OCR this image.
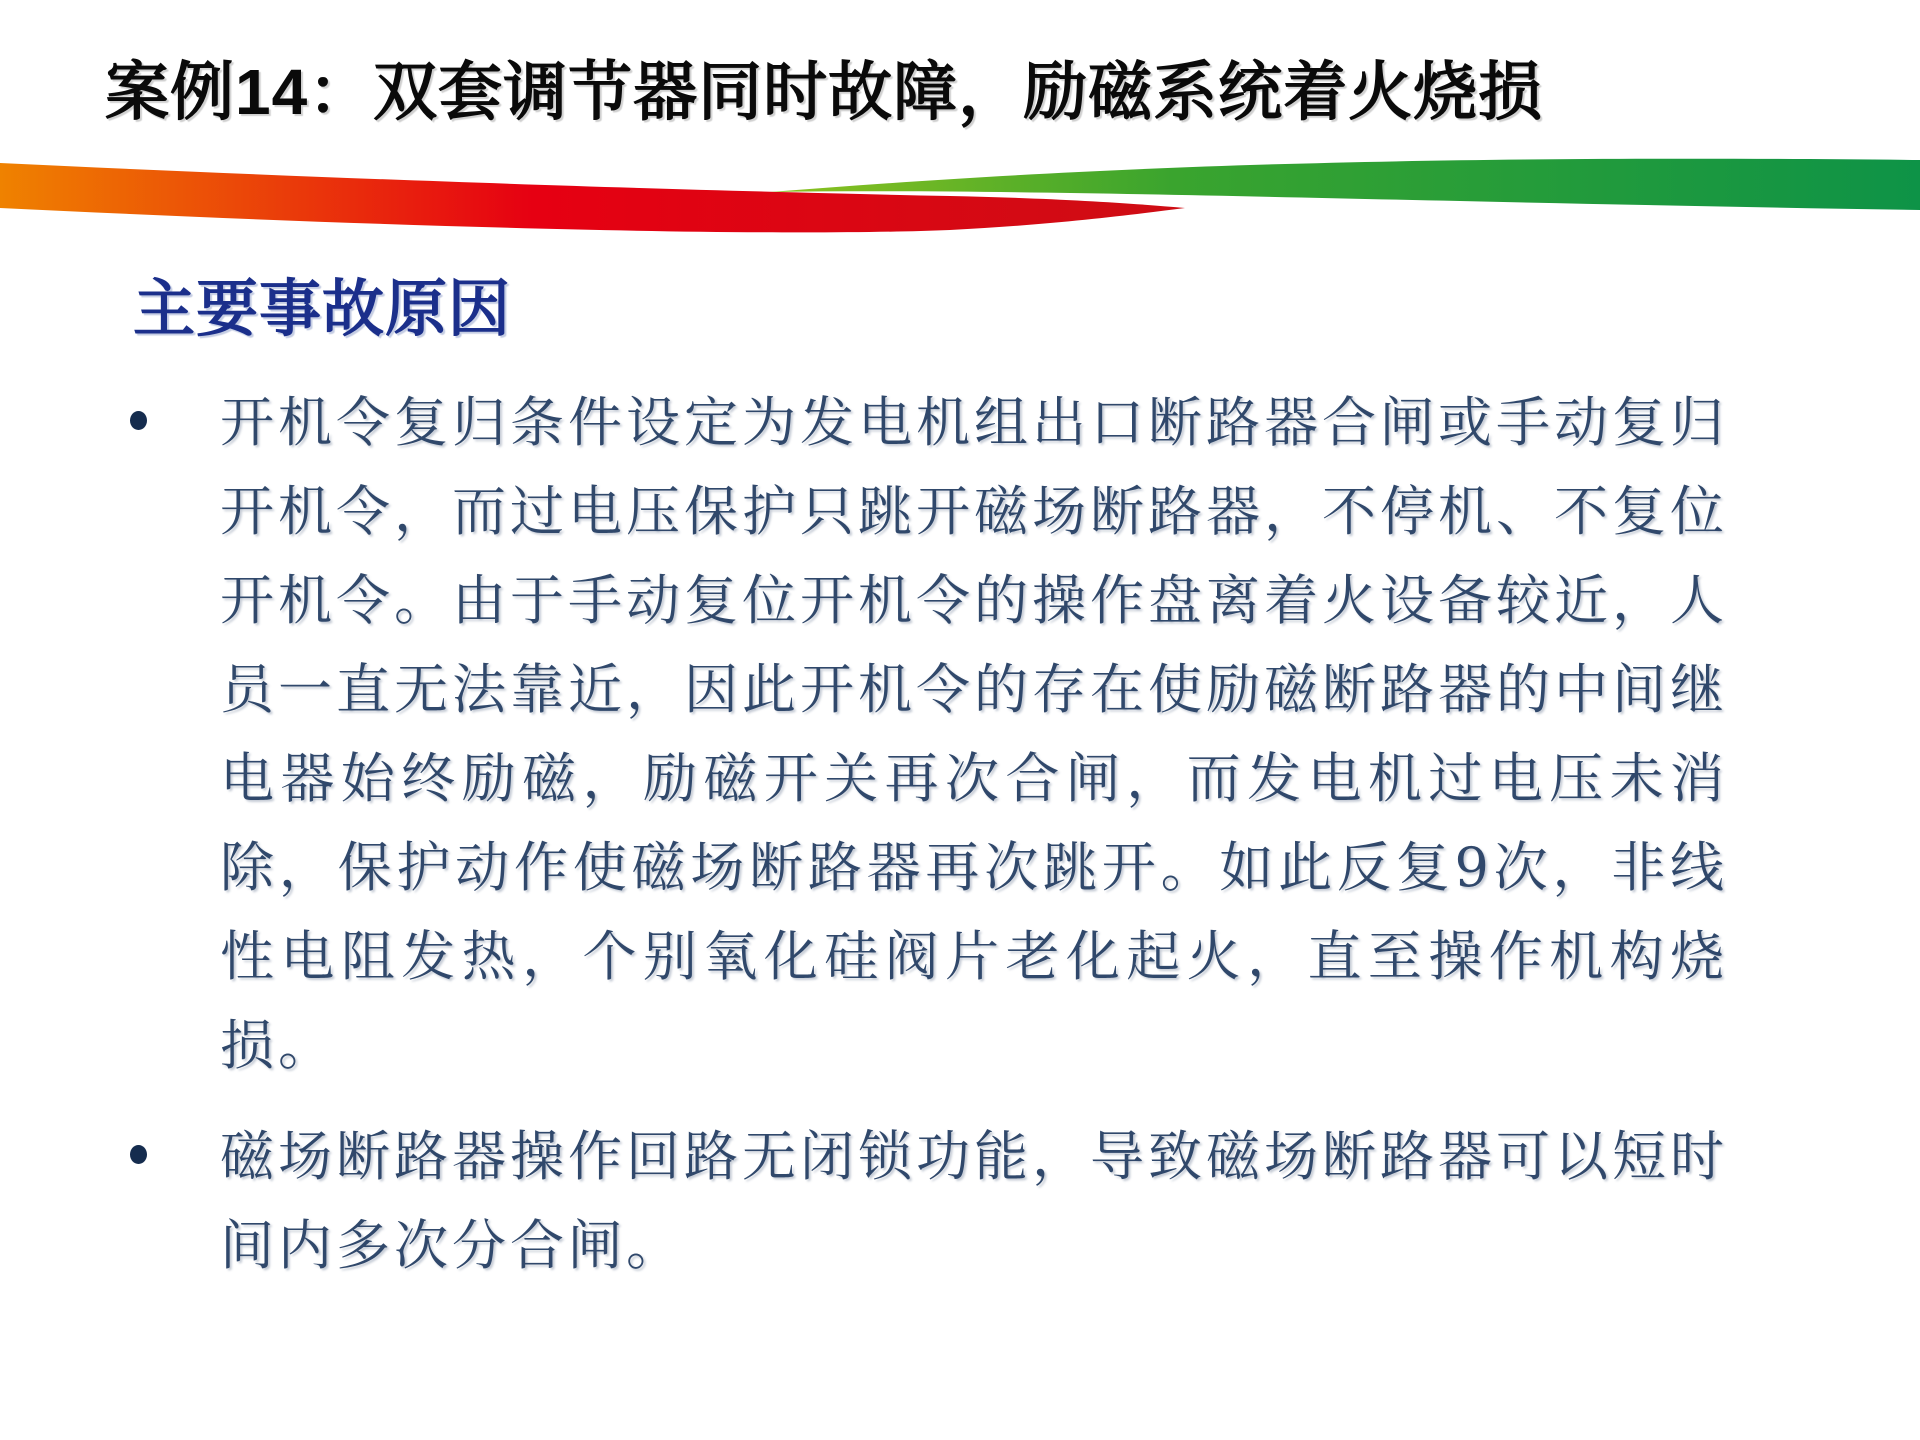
案例14：双套调节器同时故障，励磁系统着火烧损
主要事故原因
开机令复归条件设定为发电机组出口断路器合闸或手动复归开机令，而过电压保护只跳开磁场断路器，不停机、不复位开机令。由于手动复位开机令的操作盘离着火设备较近，人员一直无法靠近，因此开机令的存在使励磁断路器的中间继电器始终励磁，励磁开关再次合闸，而发电机过电压未消除，保护动作使磁场断路器再次跳开。如此反复9次，非线性电阻发热，个别氧化硅阀片老化起火，直至操作机构烧损。
磁场断路器操作回路无闭锁功能，导致磁场断路器可以短时间内多次分合闸。
